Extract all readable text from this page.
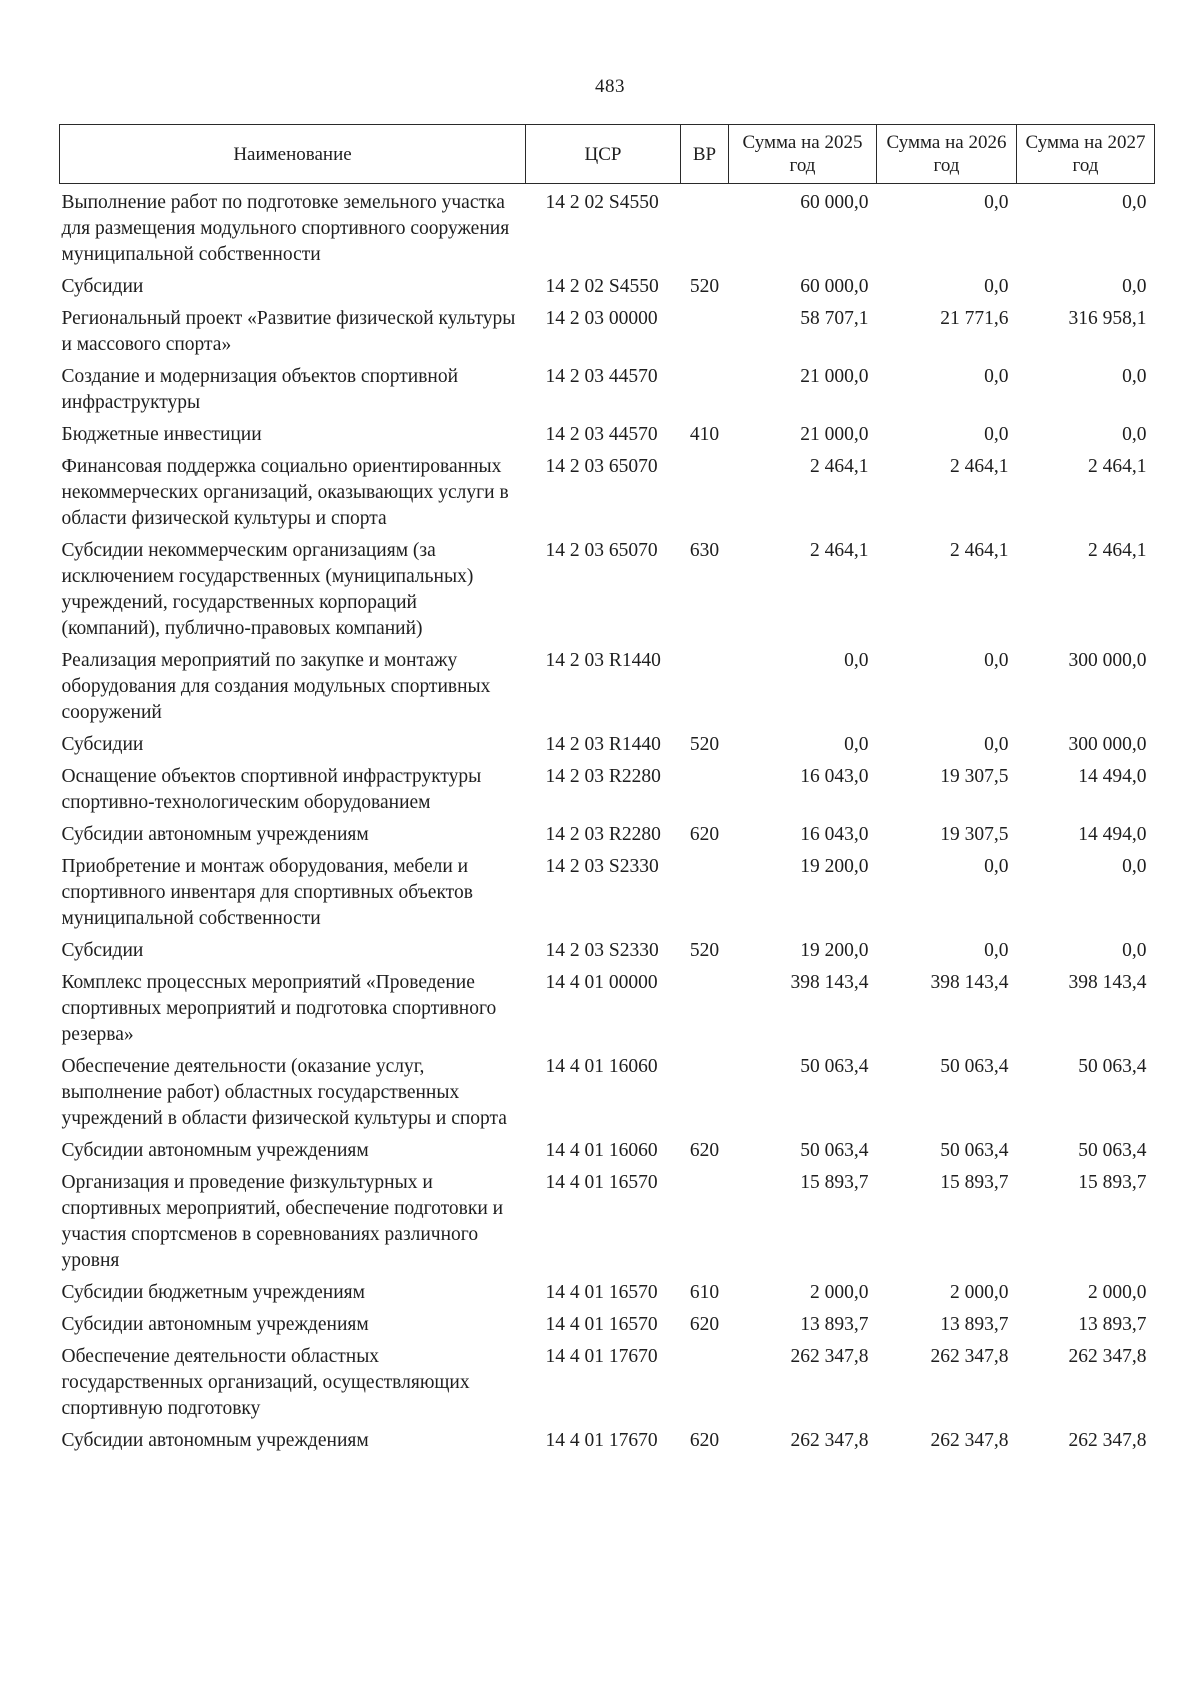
483
Наименование	ЦСР	ВР	Сумма на 2025 год	Сумма на 2026 год	Сумма на 2027 год
Выполнение работ по подготовке земельного участка для размещения модульного спортивного сооружения муниципальной собственности	14 2 02 S4550		60 000,0	0,0	0,0
Субсидии	14 2 02 S4550	520	60 000,0	0,0	0,0
Региональный проект «Развитие физической культуры и массового спорта»	14 2 03 00000		58 707,1	21 771,6	316 958,1
Создание и модернизация объектов спортивной инфраструктуры	14 2 03 44570		21 000,0	0,0	0,0
Бюджетные инвестиции	14 2 03 44570	410	21 000,0	0,0	0,0
Финансовая поддержка социально ориентированных некоммерческих организаций, оказывающих услуги в области физической культуры и спорта	14 2 03 65070		2 464,1	2 464,1	2 464,1
Субсидии некоммерческим организациям (за исключением государственных (муниципальных) учреждений, государственных корпораций (компаний), публично-правовых компаний)	14 2 03 65070	630	2 464,1	2 464,1	2 464,1
Реализация мероприятий по закупке и монтажу оборудования для создания модульных спортивных сооружений	14 2 03 R1440		0,0	0,0	300 000,0
Субсидии	14 2 03 R1440	520	0,0	0,0	300 000,0
Оснащение объектов спортивной инфраструктуры спортивно-технологическим оборудованием	14 2 03 R2280		16 043,0	19 307,5	14 494,0
Субсидии автономным учреждениям	14 2 03 R2280	620	16 043,0	19 307,5	14 494,0
Приобретение и монтаж оборудования, мебели и спортивного инвентаря для спортивных объектов муниципальной собственности	14 2 03 S2330		19 200,0	0,0	0,0
Субсидии	14 2 03 S2330	520	19 200,0	0,0	0,0
Комплекс процессных мероприятий «Проведение спортивных мероприятий и подготовка спортивного резерва»	14 4 01 00000		398 143,4	398 143,4	398 143,4
Обеспечение деятельности (оказание услуг, выполнение работ) областных государственных учреждений в области физической культуры и спорта	14 4 01 16060		50 063,4	50 063,4	50 063,4
Субсидии автономным учреждениям	14 4 01 16060	620	50 063,4	50 063,4	50 063,4
Организация и проведение физкультурных и спортивных мероприятий, обеспечение подготовки и участия спортсменов в соревнованиях различного уровня	14 4 01 16570		15 893,7	15 893,7	15 893,7
Субсидии бюджетным учреждениям	14 4 01 16570	610	2 000,0	2 000,0	2 000,0
Субсидии автономным учреждениям	14 4 01 16570	620	13 893,7	13 893,7	13 893,7
Обеспечение деятельности областных государственных организаций, осуществляющих спортивную подготовку	14 4 01 17670		262 347,8	262 347,8	262 347,8
Субсидии автономным учреждениям	14 4 01 17670	620	262 347,8	262 347,8	262 347,8
